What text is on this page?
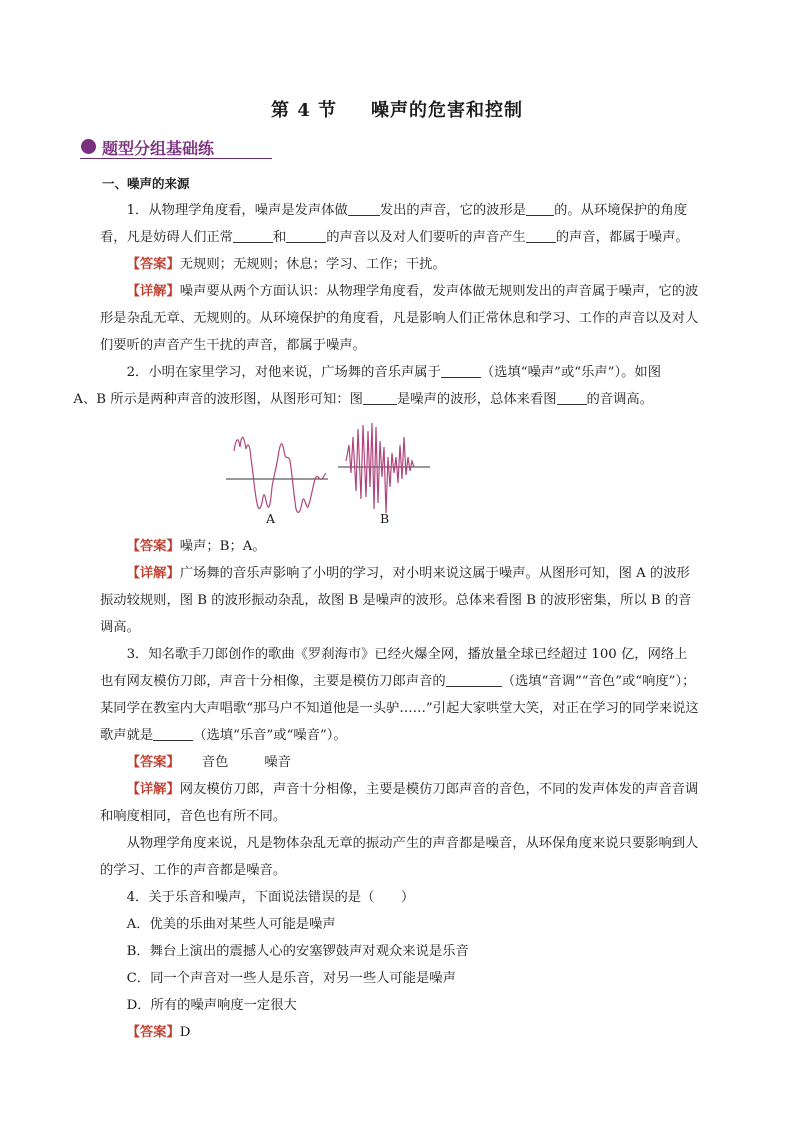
第 4 节 噪声的危害和控制
题型分组基础练

一、噪声的来源

1．从物理学角度看，噪声是发声体做 发出的声音，它的波形是 的。从环境保护的角度
看，凡是妨碍人们正常	和	的声音以及对人们要听的声音产生 的声音，都属于噪声。

【答案】无规则；无规则；休息；学习、工作；干扰。

【详解】噪声要从两个方面认识：从物理学角度看，发声体做无规则发出的声音属于噪声，它的波形是杂乱无章、无规则的。从环境保护的角度看，凡是影响人们正常休息和学习、工作的声音以及对人们要听的声音产生干扰的声音，都属于噪声。

2．小明在家里学习，对他来说，广场舞的音乐声属于	（选填“噪声”或“乐声”）。如图
A、B 所示是两种声音的波形图，从图形可知：图	是噪声的波形，总体来看图 的音调高。

A	B

【答案】噪声；B；A。

【详解】广场舞的音乐声影响了小明的学习，对小明来说这属于噪声。从图形可知，图 A 的波形振动较规则，图 B 的波形振动杂乱，故图 B 是噪声的波形。总体来看图 B 的波形密集，所以 B 的音调高。

3．知名歌手刀郎创作的歌曲《罗刹海市》已经火爆全网，播放量全球已经超过 100 亿，网络上也有网友模仿刀郎，声音十分相像，主要是模仿刀郎声音的	（选填“音调”“音色”或“响度”）；某同学在教室内大声唱歌“那马户不知道他是一头驴……”引起大家哄堂大笑，对正在学习的同学来说这歌声就是	（选填“乐音”或“噪音”）。

【答案】 音色	噪音

【详解】网友模仿刀郎，声音十分相像，主要是模仿刀郎声音的音色，不同的发声体发的声音音调和响度相同，音色也有所不同。

从物理学角度来说，凡是物体杂乱无章的振动产生的声音都是噪音，从环保角度来说只要影响到人的学习、工作的声音都是噪音。

4．关于乐音和噪声，下面说法错误的是（　　）

A．优美的乐曲对某些人可能是噪声

B．舞台上演出的震撼人心的安塞锣鼓声对观众来说是乐音

C．同一个声音对一些人是乐音，对另一些人可能是噪声

D．所有的噪声响度一定很大

【答案】D
